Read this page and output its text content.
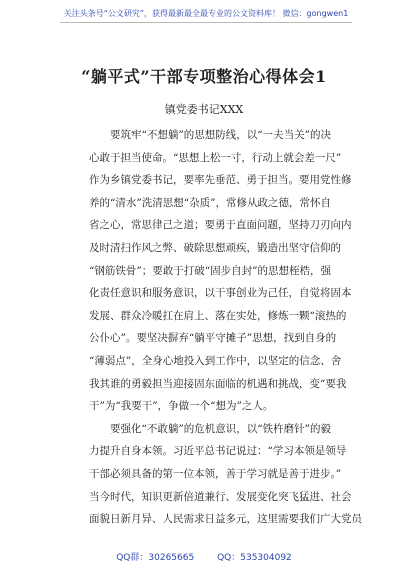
关注头条号“公文研究”，获得最新最全最专业的公文资料库！ 微信：gongwen1
“躺平式”干部专项整治心得体会1
镇党委书记XXX
要筑牢“不想躺”的思想防线，以“一夫当关”的决
心敢于担当使命。“思想上松一寸，行动上就会差一尺”
作为乡镇党委书记，要率先垂范、勇于担当。要用党性修
养的“清水”洗清思想“杂质”，常修从政之德，常怀自
省之心，常思律己之道；要勇于直面问题，坚持刀刃向内
及时清扫作风之弊、破除思想顽疾，锻造出坚守信仰的
“钢筋铁骨”；要敢于打破“固步自封”的思想桎梏，强
化责任意识和服务意识，以干事创业为己任，自觉将固本
发展、群众冷暖扛在肩上、落在实处，修炼一颗“滚热的
公仆心”。要坚决摒弃“躺平守摊子”思想，找到自身的
“薄弱点”，全身心地投入到工作中，以坚定的信念、舍
我其谁的勇毅担当迎接固东面临的机遇和挑战，变“要我
干”为“我要干”，争做一个“想为”之人。
要强化“不敢躺”的危机意识，以“铁杵磨针”的毅
力提升自身本领。习近平总书记说过：“学习本领是领导
干部必须具备的第一位本领，善于学习就是善于进步。”
当今时代，知识更新倍道兼行、发展变化突飞猛进、社会
面貌日新月异、人民需求日益多元，这里需要我们广大党员
QQ群：30265665	QQ：535304092
